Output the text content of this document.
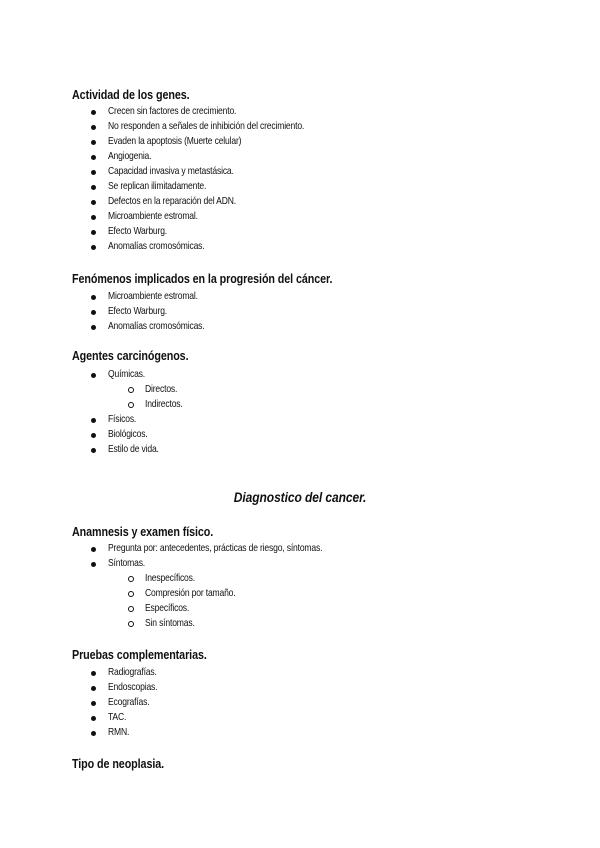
Actividad de los genes.
Crecen sin factores de crecimiento.
No responden a señales de inhibición del crecimiento.
Evaden la apoptosis (Muerte celular)
Angiogenia.
Capacidad invasiva y metastásica.
Se replican ilimitadamente.
Defectos en la reparación del ADN.
Microambiente estromal.
Efecto Warburg.
Anomalías cromosómicas.
Fenómenos implicados en la progresión del cáncer.
Microambiente estromal.
Efecto Warburg.
Anomalías cromosómicas.
Agentes carcinógenos.
Químicas.
Directos.
Indirectos.
Físicos.
Biológicos.
Estilo de vida.
Diagnostico del cancer.
Anamnesis y examen físico.
Pregunta por: antecedentes, prácticas de riesgo, síntomas.
Síntomas.
Inespecíficos.
Compresión por tamaño.
Específicos.
Sin síntomas.
Pruebas complementarias.
Radiografías.
Endoscopias.
Ecografías.
TAC.
RMN.
Tipo de neoplasia.
